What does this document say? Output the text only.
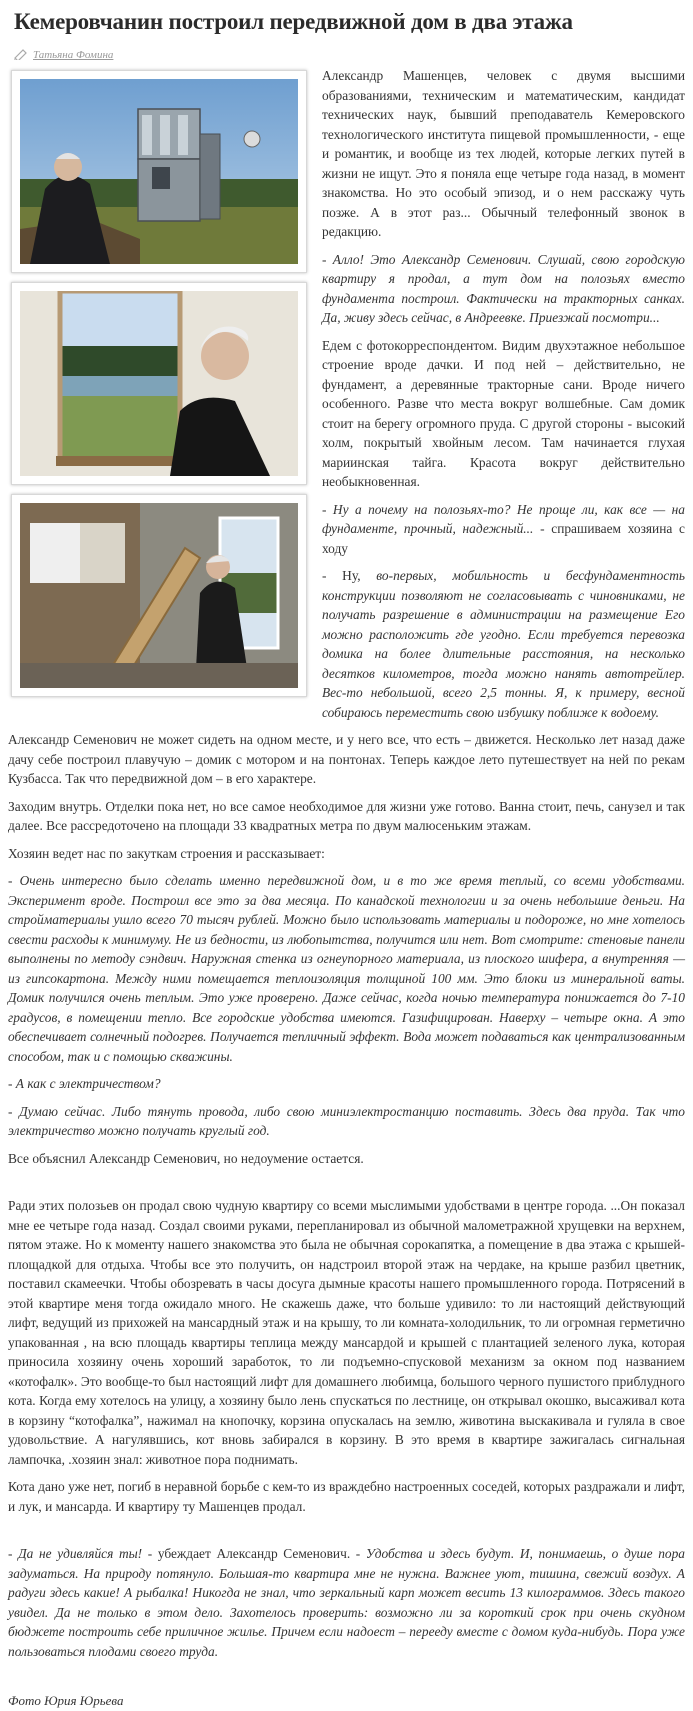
Кемеровчанин построил передвижной дом в два этажа
Татьяна Фомина

Александр Машенцев, человек с двумя высшими образованиями, техническим и математическим, кандидат технических наук, бывший преподаватель Кемеровского технологического института пищевой промышленности, - еще и романтик, и вообще из тех людей, которые легких путей в жизни не ищут. Это я поняла еще четыре года назад, в момент знакомства. Но это особый эпизод, и о нем расскажу чуть позже. А в этот раз... Обычный телефонный звонок в редакцию.

- Алло! Это Александр Семенович. Слушай, свою городскую квартиру я продал, а тут дом на полозьях вместо фундамента построил. Фактически на тракторных санках. Да, живу здесь сейчас, в Андреевке. Приезжай посмотри...

Едем с фотокорреспондентом. Видим двухэтажное небольшое строение вроде дачки. И под ней – действительно, не фундамент, а деревянные тракторные сани. Вроде ничего особенного. Разве что места вокруг волшебные. Сам домик стоит на берегу огромного пруда. С другой стороны - высокий холм, покрытый хвойным лесом. Там начинается глухая мариинская тайга. Красота вокруг действительно необыкновенная.

- Ну а почему на полозьях-то? Не проще ли, как все — на фундаменте, прочный, надежный... - спрашиваем хозяина с ходу

- Ну, во-первых, мобильность и бесфундаментность конструкции позволяют не согласовывать с чиновниками, не получать разрешение в администрации на размещение Его можно расположить где угодно. Если требуется перевозка домика на более длительные расстояния, на несколько десятков километров, тогда можно нанять автотрейлер. Вес-то небольшой, всего 2,5 тонны. Я, к примеру, весной собираюсь переместить свою избушку поближе к водоему.

Александр Семенович не может сидеть на одном месте, и у него все, что есть – движется. Несколько лет назад даже дачу себе построил плавучую – домик с мотором и на понтонах. Теперь каждое лето путешествует на ней по рекам Кузбасса. Так что передвижной дом – в его характере.

Заходим внутрь. Отделки пока нет, но все самое необходимое для жизни уже готово. Ванна стоит, печь, санузел и так далее. Все рассредоточено на площади 33 квадратных метра по двум малюсеньким этажам.

Хозяин ведет нас по закуткам строения и рассказывает:

- Очень интересно было сделать именно передвижной дом, и в то же время теплый, со всеми удобствами. Эксперимент вроде. Построил все это за два месяца. По канадской технологии и за очень небольшие деньги. На стройматериалы ушло всего 70 тысяч рублей. Можно было использовать материалы и подороже, но мне хотелось свести расходы к минимуму. Не из бедности, из любопытства, получится или нет. Вот смотрите: стеновые панели выполнены по методу сэндвич. Наружная стенка из огнеупорного материала, из плоского шифера, а внутренняя — из гипсокартона. Между ними помещается теплоизоляция толщиной 100 мм. Это блоки из минеральной ваты. Домик получился очень теплым. Это уже проверено. Даже сейчас, когда ночью температура понижается до 7-10 градусов, в помещении тепло. Все городские удобства имеются. Газифицирован. Наверху – четыре окна. А это обеспечивает солнечный подогрев. Получается тепличный эффект. Вода может подаваться как централизованным способом, так и с помощью скважины.

- А как с электричеством?

- Думаю сейчас. Либо тянуть провода, либо свою миниэлектростанцию поставить. Здесь два пруда. Так что электричество можно получать круглый год.

Все объяснил Александр Семенович, но недоумение остается.

Ради этих полозьев он продал свою чудную квартиру со всеми мыслимыми удобствами в центре города. ...Он показал мне ее четыре года назад. Создал своими руками, перепланировал из обычной малометражной хрущевки на верхнем, пятом этаже. Но к моменту нашего знакомства это была не обычная сорокапятка, а помещение в два этажа с крышей-площадкой для отдыха. Чтобы все это получить, он надстроил второй этаж на чердаке, на крыше разбил цветник, поставил скамеечки. Чтобы обозревать в часы досуга дымные красоты нашего промышленного города. Потрясений в этой квартире меня тогда ожидало много. Не скажешь даже, что больше удивило: то ли настоящий действующий лифт, ведущий из прихожей на мансардный этаж и на крышу, то ли комната-холодильник, то ли огромная герметично упакованная , на всю площадь квартиры теплица между мансардой и крышей с плантацией зеленого лука, которая приносила хозяину очень хороший заработок, то ли подъемно-спусковой механизм за окном под названием «котофалк». Это вообще-то был настоящий лифт для домашнего любимца, большого черного пушистого приблудного кота. Когда ему хотелось на улицу, а хозяину было лень спускаться по лестнице, он открывал окошко, высаживал кота в корзину “котофалка”, нажимал на кнопочку, корзина опускалась на землю, животина выскакивала и гуляла в свое удовольствие. А нагулявшись, кот вновь забирался в корзину. В это время в квартире зажигалась сигнальная лампочка, .хозяин знал: животное пора поднимать.

Кота дано уже нет, погиб в неравной борьбе с кем-то из враждебно настроенных соседей, которых раздражали и лифт, и лук, и мансарда. И квартиру ту Машенцев продал.

- Да не удивляйся ты! - убеждает Александр Семенович. - Удобства и здесь будут. И, понимаешь, о душе пора задуматься. На природу потянуло. Большая-то квартира мне не нужна. Важнее уют, тишина, свежий воздух. А радуги здесь какие! А рыбалка! Никогда не знал, что зеркальный карп может весить 13 килограммов. Здесь такого увидел. Да не только в этом дело. Захотелось проверить: возможно ли за короткий срок при очень скудном бюджете построить себе приличное жилье. Причем если надоест – перееду вместе с домом куда-нибудь. Пора уже пользоваться плодами своего труда.

Фото Юрия Юрьева
